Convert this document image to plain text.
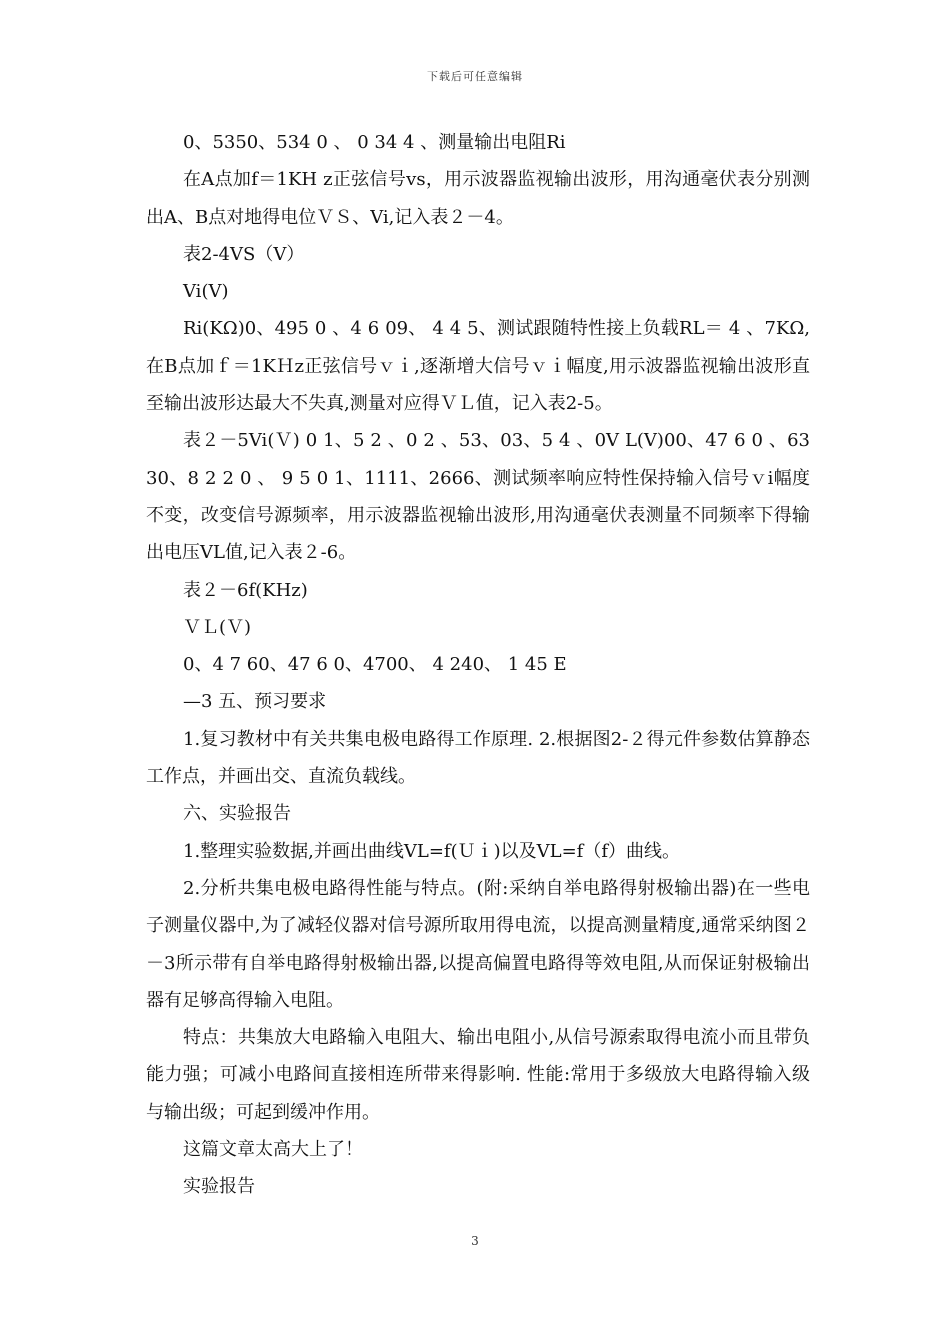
下载后可任意编辑

0、5350、534 0 、 0 34 4 、测量输出电阻Ri

在A点加f＝1KH z正弦信号vs，用示波器监视输出波形，用沟通毫伏表分别测出A、B点对地得电位ＶＳ、Vi,记入表２－4。

表2-4VS（V）

Vi(V)

Ri(KΩ)0、495 0 、4 6 09、 4 4 5、测试跟随特性接上负载RL＝ 4 、7KΩ,在B点加ｆ＝1KＨz正弦信号ｖｉ,逐渐增大信号ｖｉ幅度,用示波器监视输出波形直至输出波形达最大不失真,测量对应得ＶＬ值，记入表2-5。

表２－5Vi(Ｖ) 0 1、5 2 、0 2 、53、03、5 4 、0V L(V)00、47 6 0 、6330、8 2 2 0 、 9 5 0 1、1111、2666、测试频率响应特性保持输入信号ｖi幅度不变，改变信号源频率，用示波器监视输出波形,用沟通毫伏表测量不同频率下得输出电压VL值,记入表２-6。

表２－6f(KHz)

ＶＬ(Ｖ)

0、4 7 60、47 6 0、4700、 4 240、 1 45 E

—3 五、预习要求

1.复习教材中有关共集电极电路得工作原理. 2.根据图2-２得元件参数估算静态工作点，并画出交、直流负载线。

六、实验报告

1.整理实验数据,并画出曲线VL=f(Ｕｉ)以及VL=f（f）曲线。

2.分析共集电极电路得性能与特点。(附:采纳自举电路得射极输出器)在一些电子测量仪器中,为了减轻仪器对信号源所取用得电流，以提高测量精度,通常采纳图２－3所示带有自举电路得射极输出器,以提高偏置电路得等效电阻,从而保证射极输出器有足够高得输入电阻。

特点：共集放大电路输入电阻大、输出电阻小,从信号源索取得电流小而且带负能力强；可减小电路间直接相连所带来得影响. 性能:常用于多级放大电路得输入级与输出级；可起到缓冲作用。

这篇文章太高大上了！

实验报告

3
